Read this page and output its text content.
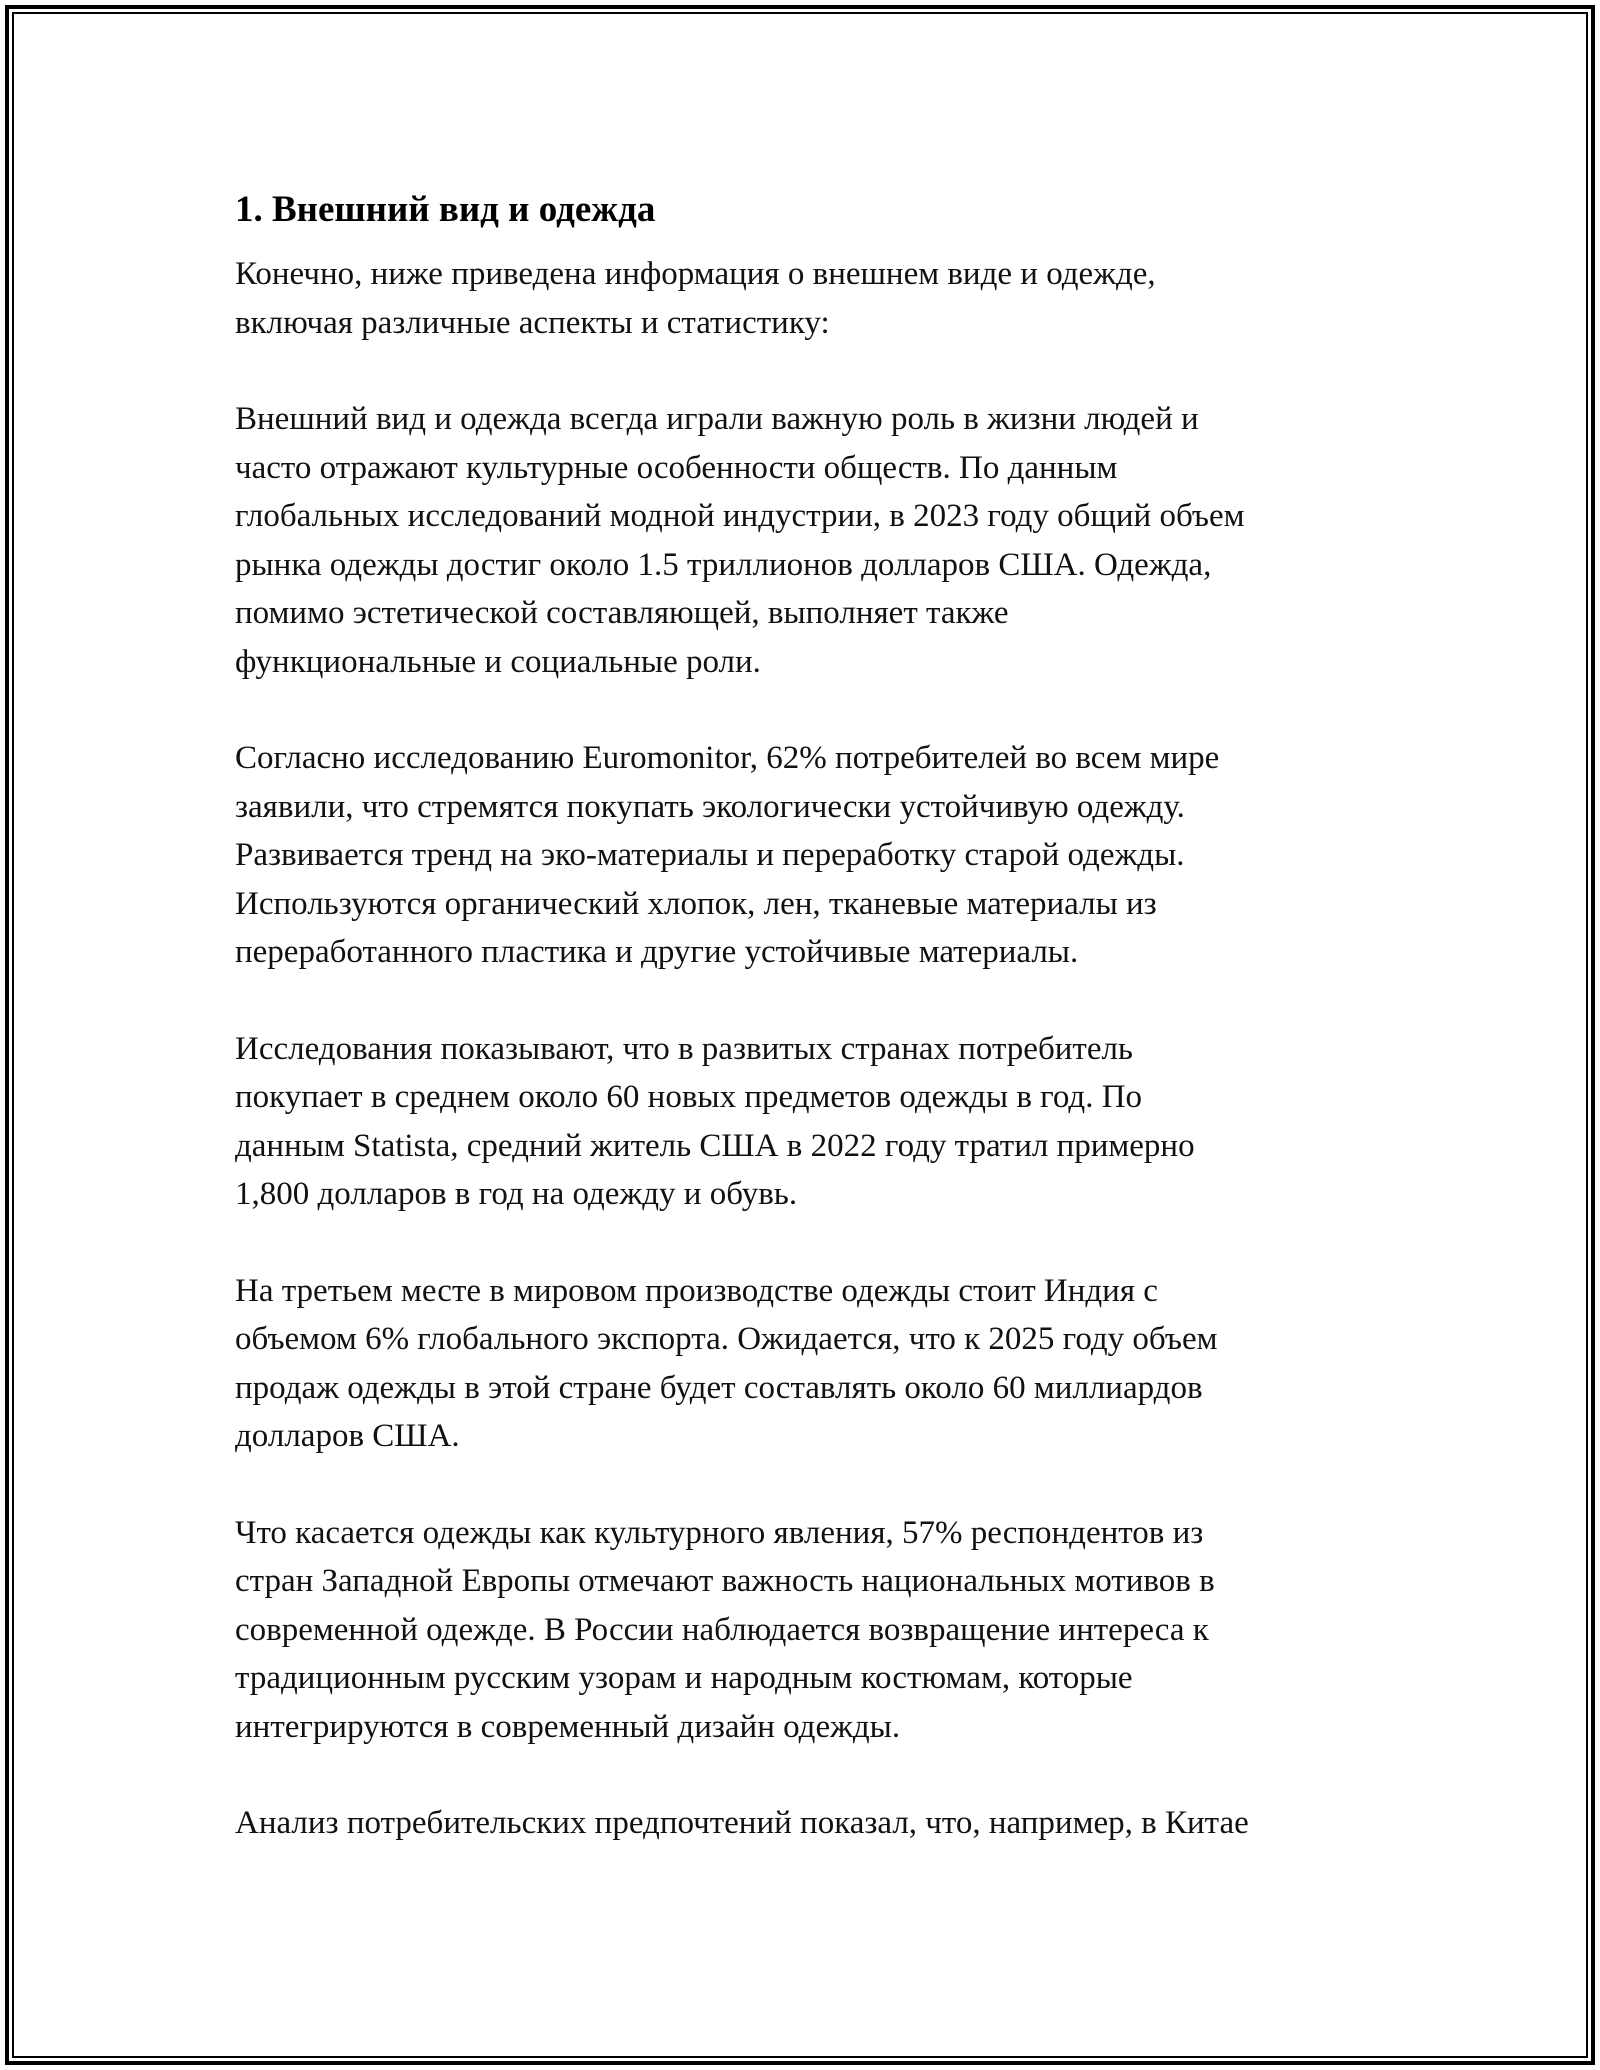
1. Внешний вид и одежда

Конечно, ниже приведена информация о внешнем виде и одежде,
включая различные аспекты и статистику:

Внешний вид и одежда всегда играли важную роль в жизни людей и
часто отражают культурные особенности обществ. По данным
глобальных исследований модной индустрии, в 2023 году общий объем
рынка одежды достиг около 1.5 триллионов долларов США. Одежда,
помимо эстетической составляющей, выполняет также
функциональные и социальные роли.

Согласно исследованию Euromonitor, 62% потребителей во всем мире
заявили, что стремятся покупать экологически устойчивую одежду.
Развивается тренд на эко-материалы и переработку старой одежды.
Используются органический хлопок, лен, тканевые материалы из
переработанного пластика и другие устойчивые материалы.

Исследования показывают, что в развитых странах потребитель
покупает в среднем около 60 новых предметов одежды в год. По
данным Statista, средний житель США в 2022 году тратил примерно
1,800 долларов в год на одежду и обувь.

На третьем месте в мировом производстве одежды стоит Индия с
объемом 6% глобального экспорта. Ожидается, что к 2025 году объем
продаж одежды в этой стране будет составлять около 60 миллиардов
долларов США.

Что касается одежды как культурного явления, 57% респондентов из
стран Западной Европы отмечают важность национальных мотивов в
современной одежде. В России наблюдается возвращение интереса к
традиционным русским узорам и народным костюмам, которые
интегрируются в современный дизайн одежды.

Анализ потребительских предпочтений показал, что, например, в Китае
